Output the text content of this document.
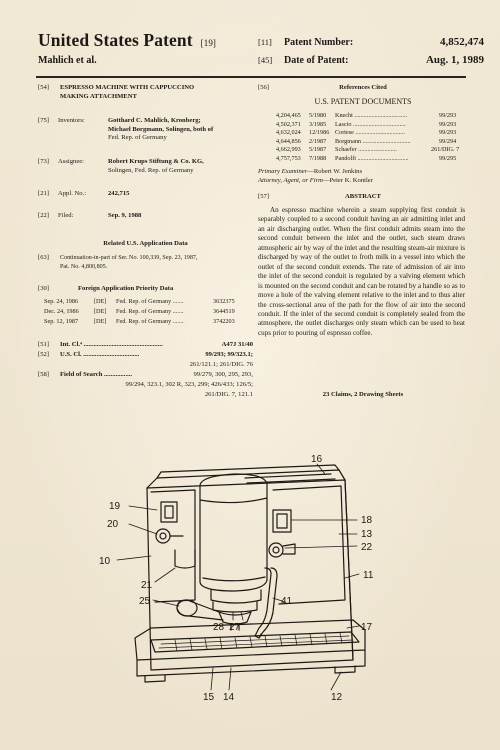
United States Patent [19]
Mahlich et al.
[11] Patent Number:	4,852,474
[45] Date of Patent:	Aug. 1, 1989
[54] ESPRESSO MACHINE WITH CAPPUCCINO
MAKING ATTACHMENT
[75] Inventors:	Gotthard C. Mahlich, Kronberg;
Michael Borgmann, Solingen, both of
Fed. Rep. of Germany
[73] Assignee:	Robert Krups Stiftung & Co. KG,
Solingen, Fed. Rep. of Germany
[21] Appl. No.:	242,715
[22] Filed:	Sep. 9, 1988
Related U.S. Application Data
[63] Continuation-in-part of Ser. No. 100,339, Sep. 23, 1987,
Pat. No. 4,800,805.
[30]	Foreign Application Priority Data
Sep. 24, 1986	[DE] Fed. Rep. of Germany .......	3632375
Dec. 24, 1986 [DE] Fed. Rep. of Germany .......	3644519
Sep. 12, 1987	[DE] Fed. Rep. of Germany .......	3742203
[51] Int. Cl.⁴ ................................................	A47J 31/40
[52] U.S. Cl. ..................................	99/293; 99/323.1;
261/121.1; 261/DIG. 76
[58] Field of Search .................	99/279, 300, 295, 293,
99/294, 323.1, 302 R, 323, 299; 426/433; 126/5;
261/DIG. 7, 121.1
[56]	References Cited
U.S. PATENT DOCUMENTS
4,204,465 5/1980 Knecht ..................................	99/293
4,502,371 3/1985 Lascio ..................................	99/293
4,632,024 12/1986 Cortese ................................	99/293
4,644,856 2/1987 Borgmann ...............................	99/294
4,662,993 5/1987 Schaefer .........................	261/DIG. 7
4,757,753 7/1988 Pandolfi .................................	99/295
Primary Examiner—Robert W. Jenkins
Attorney, Agent, or Firm—Peter K. Kontler
[57]	ABSTRACT
An espresso machine wherein a steam supplying first conduit is separably coupled to a second conduit having an air admitting inlet and an air discharging outlet. When the first conduit admits steam into the second conduit between the inlet and the outlet, such steam draws atmospheric air by way of the inlet and the resulting steam-air mixture is discharged by way of the outlet to froth milk in a vessel into which the outlet of the second conduit extends. The rate of admission of air into the inlet of the second conduit is regulated by a valving element which is mounted on the second conduit and can be rotated by a handle so as to move a hole of the valving element relative to the inlet and to thus alter the cross-sectional area of the path for the flow of air into the second conduit. If the inlet of the second conduit is completely sealed from the atmosphere, the outlet discharges only steam which can be used to heat cups prior to pouring of espresso coffee.
23 Claims, 2 Drawing Sheets
16
19
20	18
13
22
10
11
21
25	41
28 27	17
15 14	12
